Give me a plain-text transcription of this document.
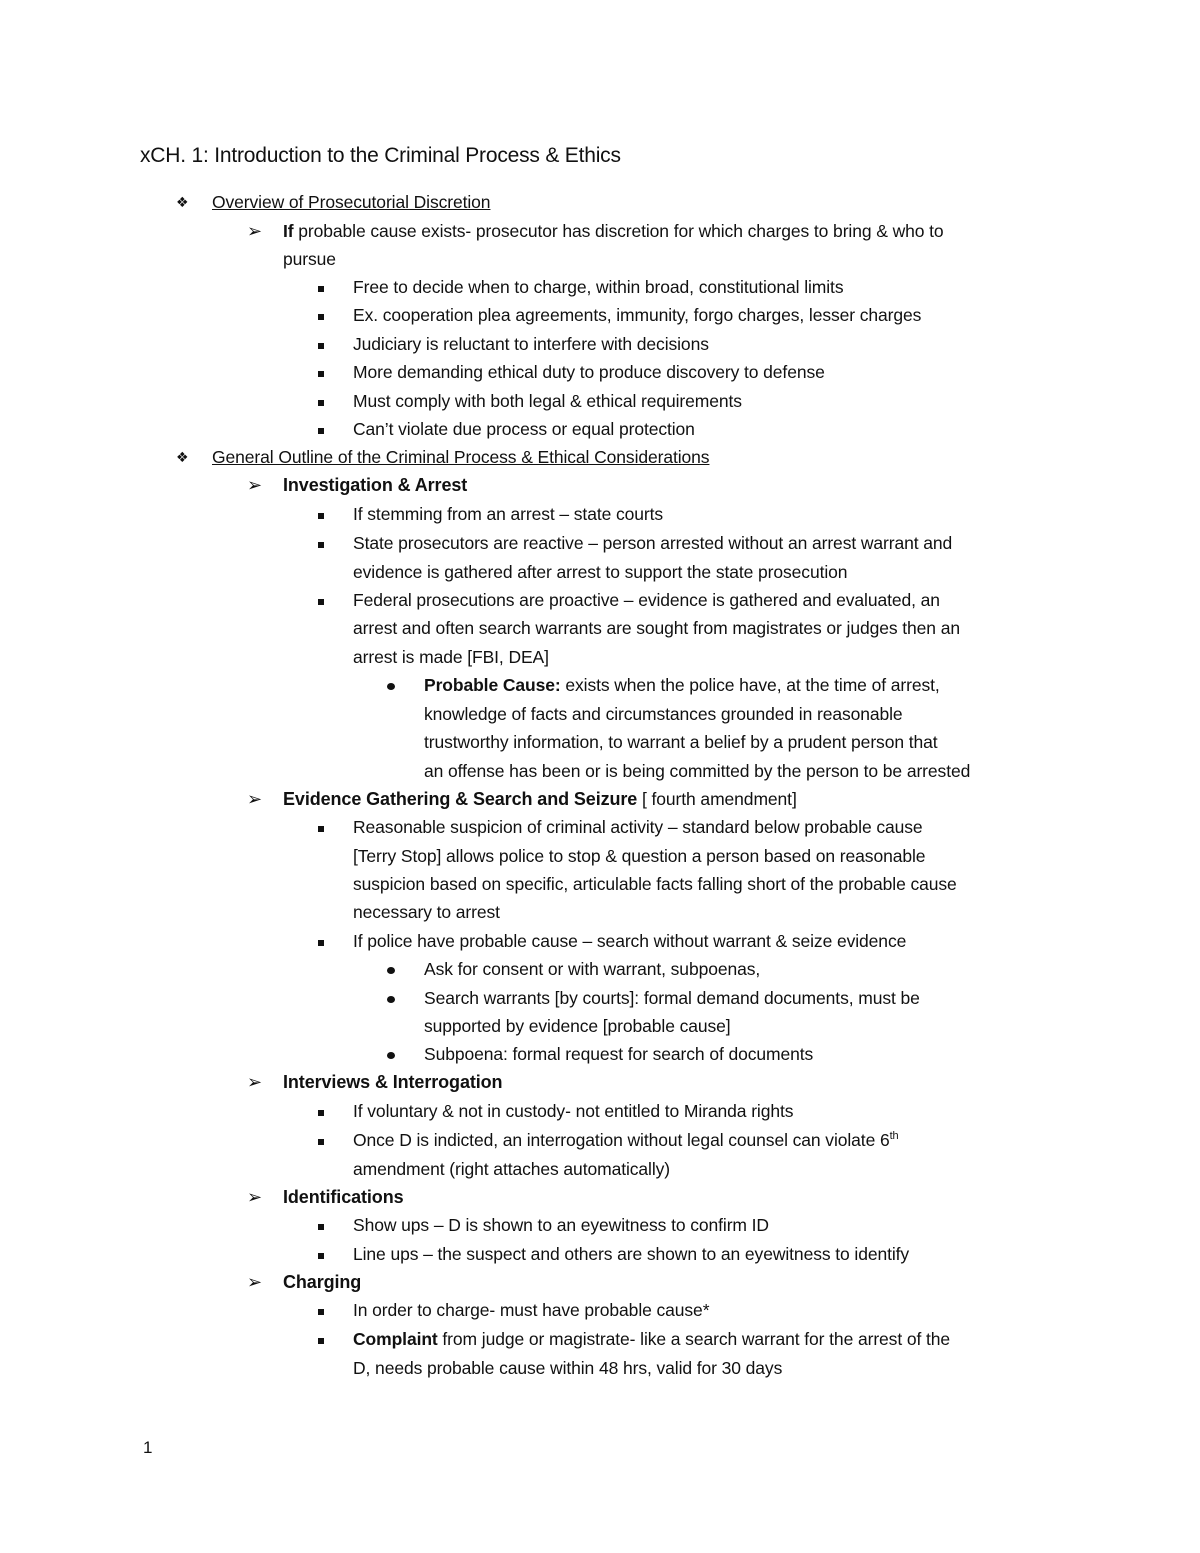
xCH. 1: Introduction to the Criminal Process & Ethics
❖ Overview of Prosecutorial Discretion
➢ If probable cause exists- prosecutor has discretion for which charges to bring & who to
pursue
Free to decide when to charge, within broad, constitutional limits
Ex. cooperation plea agreements, immunity, forgo charges, lesser charges
Judiciary is reluctant to interfere with decisions
More demanding ethical duty to produce discovery to defense
Must comply with both legal & ethical requirements
Can’t violate due process or equal protection
❖ General Outline of the Criminal Process & Ethical Considerations
➢ Investigation & Arrest
If stemming from an arrest – state courts
State prosecutors are reactive – person arrested without an arrest warrant and
evidence is gathered after arrest to support the state prosecution
Federal prosecutions are proactive – evidence is gathered and evaluated, an
arrest and often search warrants are sought from magistrates or judges then an
arrest is made [FBI, DEA]
Probable Cause: exists when the police have, at the time of arrest,
knowledge of facts and circumstances grounded in reasonable
trustworthy information, to warrant a belief by a prudent person that
an offense has been or is being committed by the person to be arrested
➢ Evidence Gathering & Search and Seizure [ fourth amendment]
Reasonable suspicion of criminal activity – standard below probable cause
[Terry Stop] allows police to stop & question a person based on reasonable
suspicion based on specific, articulable facts falling short of the probable cause
necessary to arrest
If police have probable cause – search without warrant & seize evidence
Ask for consent or with warrant, subpoenas,
Search warrants [by courts]: formal demand documents, must be
supported by evidence [probable cause]
Subpoena: formal request for search of documents
➢ Interviews & Interrogation
If voluntary & not in custody- not entitled to Miranda rights
Once D is indicted, an interrogation without legal counsel can violate 6th
amendment (right attaches automatically)
➢ Identifications
Show ups – D is shown to an eyewitness to confirm ID
Line ups – the suspect and others are shown to an eyewitness to identify
➢ Charging
In order to charge- must have probable cause*
Complaint from judge or magistrate- like a search warrant for the arrest of the
D, needs probable cause within 48 hrs, valid for 30 days
1
